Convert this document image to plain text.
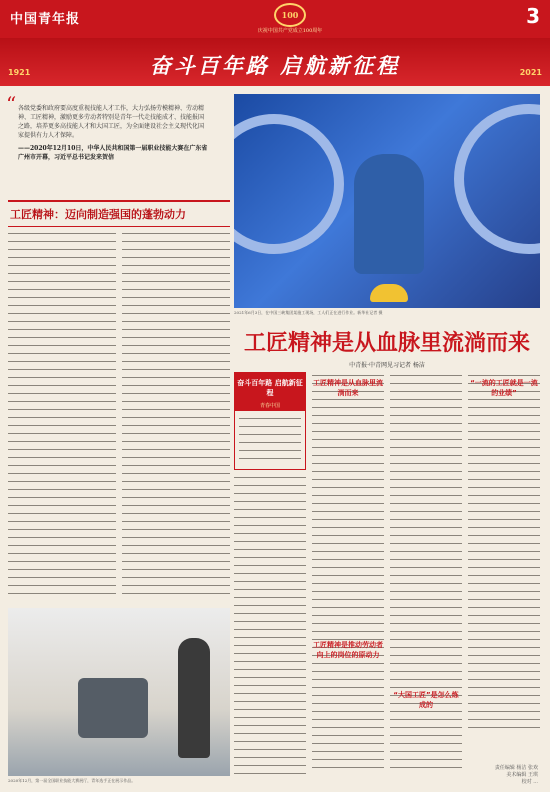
中国青年报	100
庆祝中国共产党成立100周年
3
1921	奋斗百年路 启航新征程	2021
“ 各级党委和政府要高度重视技能人才工作，大力弘扬劳模精神、劳动精神、工匠精神，激励更多劳动者特别是青年一代走技能成才、技能报国之路，培养更多高技能人才和大国工匠，为全面建设社会主义现代化国家提供有力人才保障。
——2020年12月10日，中华人民共和国第一届职业技能大赛在广东省广州市开幕，习近平总书记发来贺信
工匠精神：迈向制造强国的蓬勃动力
2021年6月3日，在中国三峡集团某施工现场，工人们正在进行作业。新华社记者 摄
工匠精神是从血脉里流淌而来
中青报·中青网见习记者 杨洁
奋斗百年路 启航新征程
青春中国
工匠精神是从血脉里流淌而来
工匠精神是推动劳动者向上的岗位的原动力
“大国工匠”是怎么炼成的
“一流的工匠就是一流的业绩”
2020年12月，第一届全国职业技能大赛展厅，青年选手正在展示作品。
责任编辑 杨洁 张欢
美术编辑 王琪
校对 ...
